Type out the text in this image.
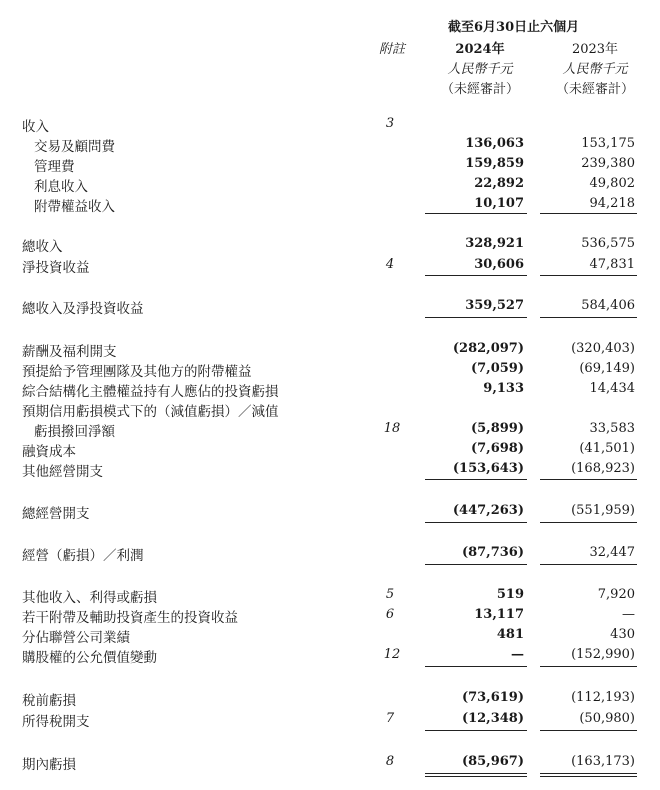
截至6月30日止六個月
附註	2024年
人民幣千元
（未經審計）
2023年
人民幣千元
（未經審計）
收入	3
交易及顧問費	136,063	153,175
管理費	159,859	239,380
利息收入	22,892	49,802
附帶權益收入	10,107	94,218
總收入	328,921	536,575
淨投資收益	4	30,606	47,831
總收入及淨投資收益	359,527	584,406
薪酬及福利開支	(282,097)	(320,403)
預提給予管理團隊及其他方的附帶權益	(7,059)	(69,149)
綜合結構化主體權益持有人應佔的投資虧損	9,133	14,434
預期信用虧損模式下的（減值虧損）／減值
虧損撥回淨額	18	(5,899)	33,583
融資成本	(7,698)	(41,501)
其他經營開支	(153,643)	(168,923)
總經營開支	(447,263)	(551,959)
經營（虧損）／利潤	(87,736)	32,447
其他收入、利得或虧損	5	519	7,920
若干附帶及輔助投資產生的投資收益	6	13,117	—
分佔聯營公司業績	481	430
購股權的公允價值變動	12	—	(152,990)
稅前虧損	(73,619)	(112,193)
所得稅開支	7	(12,348)	(50,980)
期內虧損	8	(85,967)	(163,173)
